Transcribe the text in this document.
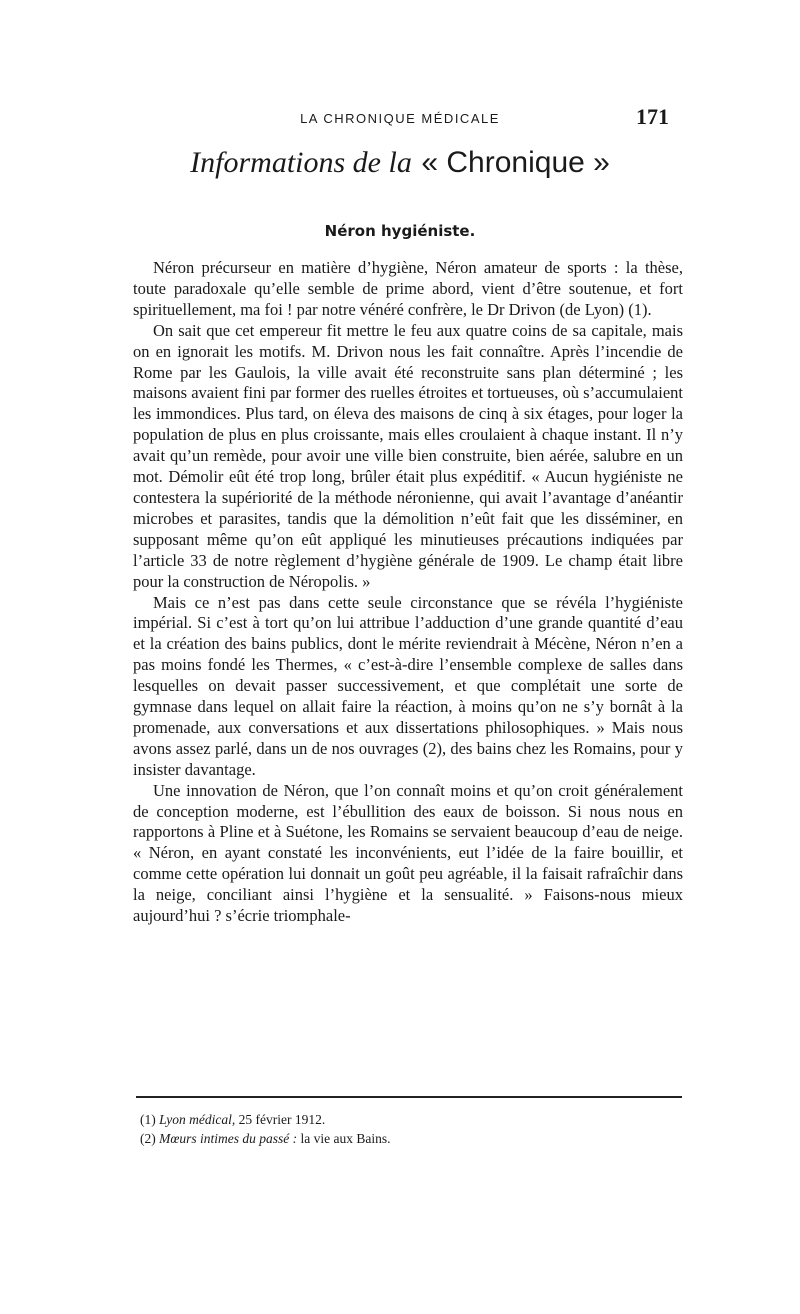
LA CHRONIQUE MÉDICALE	171
Informations de la « Chronique »
Néron hygiéniste.

Néron précurseur en matière d’hygiène, Néron amateur de sports : la thèse, toute paradoxale qu’elle semble de prime abord, vient d’être soutenue, et fort spirituellement, ma foi ! par notre vénéré confrère, le Dr Drivon (de Lyon) (1).

On sait que cet empereur fit mettre le feu aux quatre coins de sa capitale, mais on en ignorait les motifs. M. Drivon nous les fait connaître. Après l’incendie de Rome par les Gaulois, la ville avait été reconstruite sans plan déterminé ; les maisons avaient fini par former des ruelles étroites et tortueuses, où s’accumulaient les immondices. Plus tard, on éleva des maisons de cinq à six étages, pour loger la population de plus en plus croissante, mais elles croulaient à chaque instant. Il n’y avait qu’un remède, pour avoir une ville bien construite, bien aérée, salubre en un mot. Démolir eût été trop long, brûler était plus expéditif. « Aucun hygiéniste ne contestera la supériorité de la méthode néronienne, qui avait l’avantage d’anéantir microbes et parasites, tandis que la démolition n’eût fait que les disséminer, en supposant même qu’on eût appliqué les minutieuses précautions indiquées par l’article 33 de notre règlement d’hygiène générale de 1909. Le champ était libre pour la construction de Néropolis. »

Mais ce n’est pas dans cette seule circonstance que se révéla l’hygiéniste impérial. Si c’est à tort qu’on lui attribue l’adduction d’une grande quantité d’eau et la création des bains publics, dont le mérite reviendrait à Mécène, Néron n’en a pas moins fondé les Thermes, « c’est-à-dire l’ensemble complexe de salles dans lesquelles on devait passer successivement, et que complétait une sorte de gymnase dans lequel on allait faire la réaction, à moins qu’on ne s’y bornât à la promenade, aux conversations et aux dissertations philosophiques. » Mais nous avons assez parlé, dans un de nos ouvrages (2), des bains chez les Romains, pour y insister davantage.

Une innovation de Néron, que l’on connaît moins et qu’on croit généralement de conception moderne, est l’ébullition des eaux de boisson. Si nous nous en rapportons à Pline et à Suétone, les Romains se servaient beaucoup d’eau de neige. « Néron, en ayant constaté les inconvénients, eut l’idée de la faire bouillir, et comme cette opération lui donnait un goût peu agréable, il la faisait rafraîchir dans la neige, conciliant ainsi l’hygiène et la sensualité. » Faisons-nous mieux aujourd’hui ? s’écrie triomphale-

(1) Lyon médical, 25 février 1912.
(2) Mœurs intimes du passé : la vie aux Bains.
